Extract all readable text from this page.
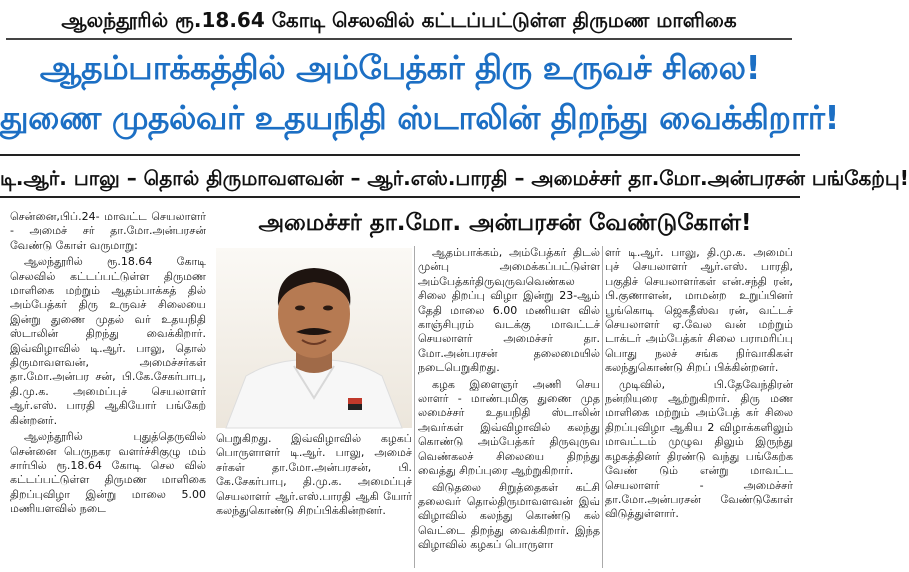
ஆலந்தூரில் ரூ.18.64 கோடி செலவில் கட்டப்பட்டுள்ள திருமண மாளிகை
ஆதம்பாக்கத்தில் அம்பேத்கர் திரு உருவச் சிலை!
துணை முதல்வர் உதயநிதி ஸ்டாலின் திறந்து வைக்கிறார்!
டி.ஆர். பாலு – தொல் திருமாவளவன் – ஆர்.எஸ்.பாரதி – அமைச்சர் தா.மோ.அன்பரசன் பங்கேற்பு!

சென்னை,பிப்.24- மாவட்ட செயலாளர் - அமைச் சர் தா.மோ.அன்பரசன் வேண்டு கோள் வருமாறு:

ஆலந்தூரில் ரூ.18.64 கோடி செலவில் கட்டப்பட்டுள்ள திருமண மாளிகை மற்றும் ஆதம்பாக்கத் தில் அம்பேத்கர் திரு உருவச் சிலையை இன்று துணை முதல் வர் உதயநிதி ஸ்டாலின் திறந்து வைக்கிறார். இவ்விழாவில் டி.ஆர். பாலு, தொல் திருமாவளவன், அமைச்சர்கள் தா.மோ.அன்பர சன், பி.கே.சேகர்பாபு, தி.மு.க. அமைப்புச் செயலாளர் ஆர்.எஸ். பாரதி ஆகியோர் பங்கேற் கின்றனர்.

ஆலந்தூரில் புதுத்தெருவில் சென்னை பெருநகர வளர்ச்சிகுழு மம் சார்பில் ரூ.18.64 கோடி செல வில் கட்டப்பட்டுள்ள திருமண மாளிகை திறப்புவிழா இன்று மாலை 5.00 மணியளவில் நடை

அமைச்சர் தா.மோ. அன்பரசன் வேண்டுகோள்!

பெறுகிறது. இவ்விழாவில் கழகப் பொருளாளர் டி.ஆர். பாலு, அமைச் சர்கள் தா.மோ.அன்பரசன், பி. கே.சேகர்பாபு, தி.மு.க. அமைப்புச் செயலாளர் ஆர்.எஸ்.பாரதி ஆகி யோர் கலந்துகொண்டு சிறப்பிக்கின்றனர்.

ஆதம்பாக்கம், அம்பேத்கர் திடல் முன்பு அமைக்கப்பட்டுள்ள அம்பேத்கர்திருவுருவவெண்கல சிலை திறப்பு விழா இன்று 23-ஆம் தேதி மாலை 6.00 மணியள வில் காஞ்சிபுரம் வடக்கு மாவட்டச் செயலாளர் அமைச்சர் தா. மோ.அன்பரசன் தலைமையில் நடைபெறுகிறது.

கழக இளைஞர் அணி செய லாளர் - மாண்புமிகு துணை முத லமைச்சர் உதயநிதி ஸ்டாலின் அவர்கள் இவ்விழாவில் கலந்து கொண்டு அம்பேத்கர் திருவுருவ வெண்கலச் சிலையை திறந்து வைத்து சிறப்புரை ஆற்றுகிறார்.

விடுதலை சிறுத்தைகள் கட்சி தலைவர் தொல்திருமாவளவன் இவ் விழாவில் கலந்து கொண்டு கல் வெட்டை திறந்து வைக்கிறார். இந்த விழாவில் கழகப் பொருளா

ளர் டி.ஆர். பாலு, தி.மு.க. அமைப் புச் செயலாளர் ஆர்.எஸ். பாரதி, பகுதிச் செயலாளர்கள் என்.சந்தி ரன், பி.குணாளன், மாமன்ற உறுப்பினர் பூங்கொடி ஜெகதீஸ்வ ரன், வட்டச் செயலாளர் ஏ.வேல வன் மற்றும் டாக்டர் அம்பேத்கர் சிலை பராமரிப்பு பொது நலச் சங்க நிர்வாகிகள் கலந்துகொண்டு சிறப் பிக்கின்றனர்.

முடிவில், பி.தேவேந்திரன் நன்றியுரை ஆற்றுகிறார். திரு மண மாளிகை மற்றும் அம்பேத் கர் சிலை திறப்புவிழா ஆகிய 2 விழாக்களிலும் மாவட்டம் முழுவ திலும் இருந்து கழகத்தினர் திரண்டு வந்து பங்கேற்க வேண் டும் என்று மாவட்ட செயலாளர் - அமைச்சர் தா.மோ.அன்பரசன் வேண்டுகோள் விடுத்துள்ளார்.
